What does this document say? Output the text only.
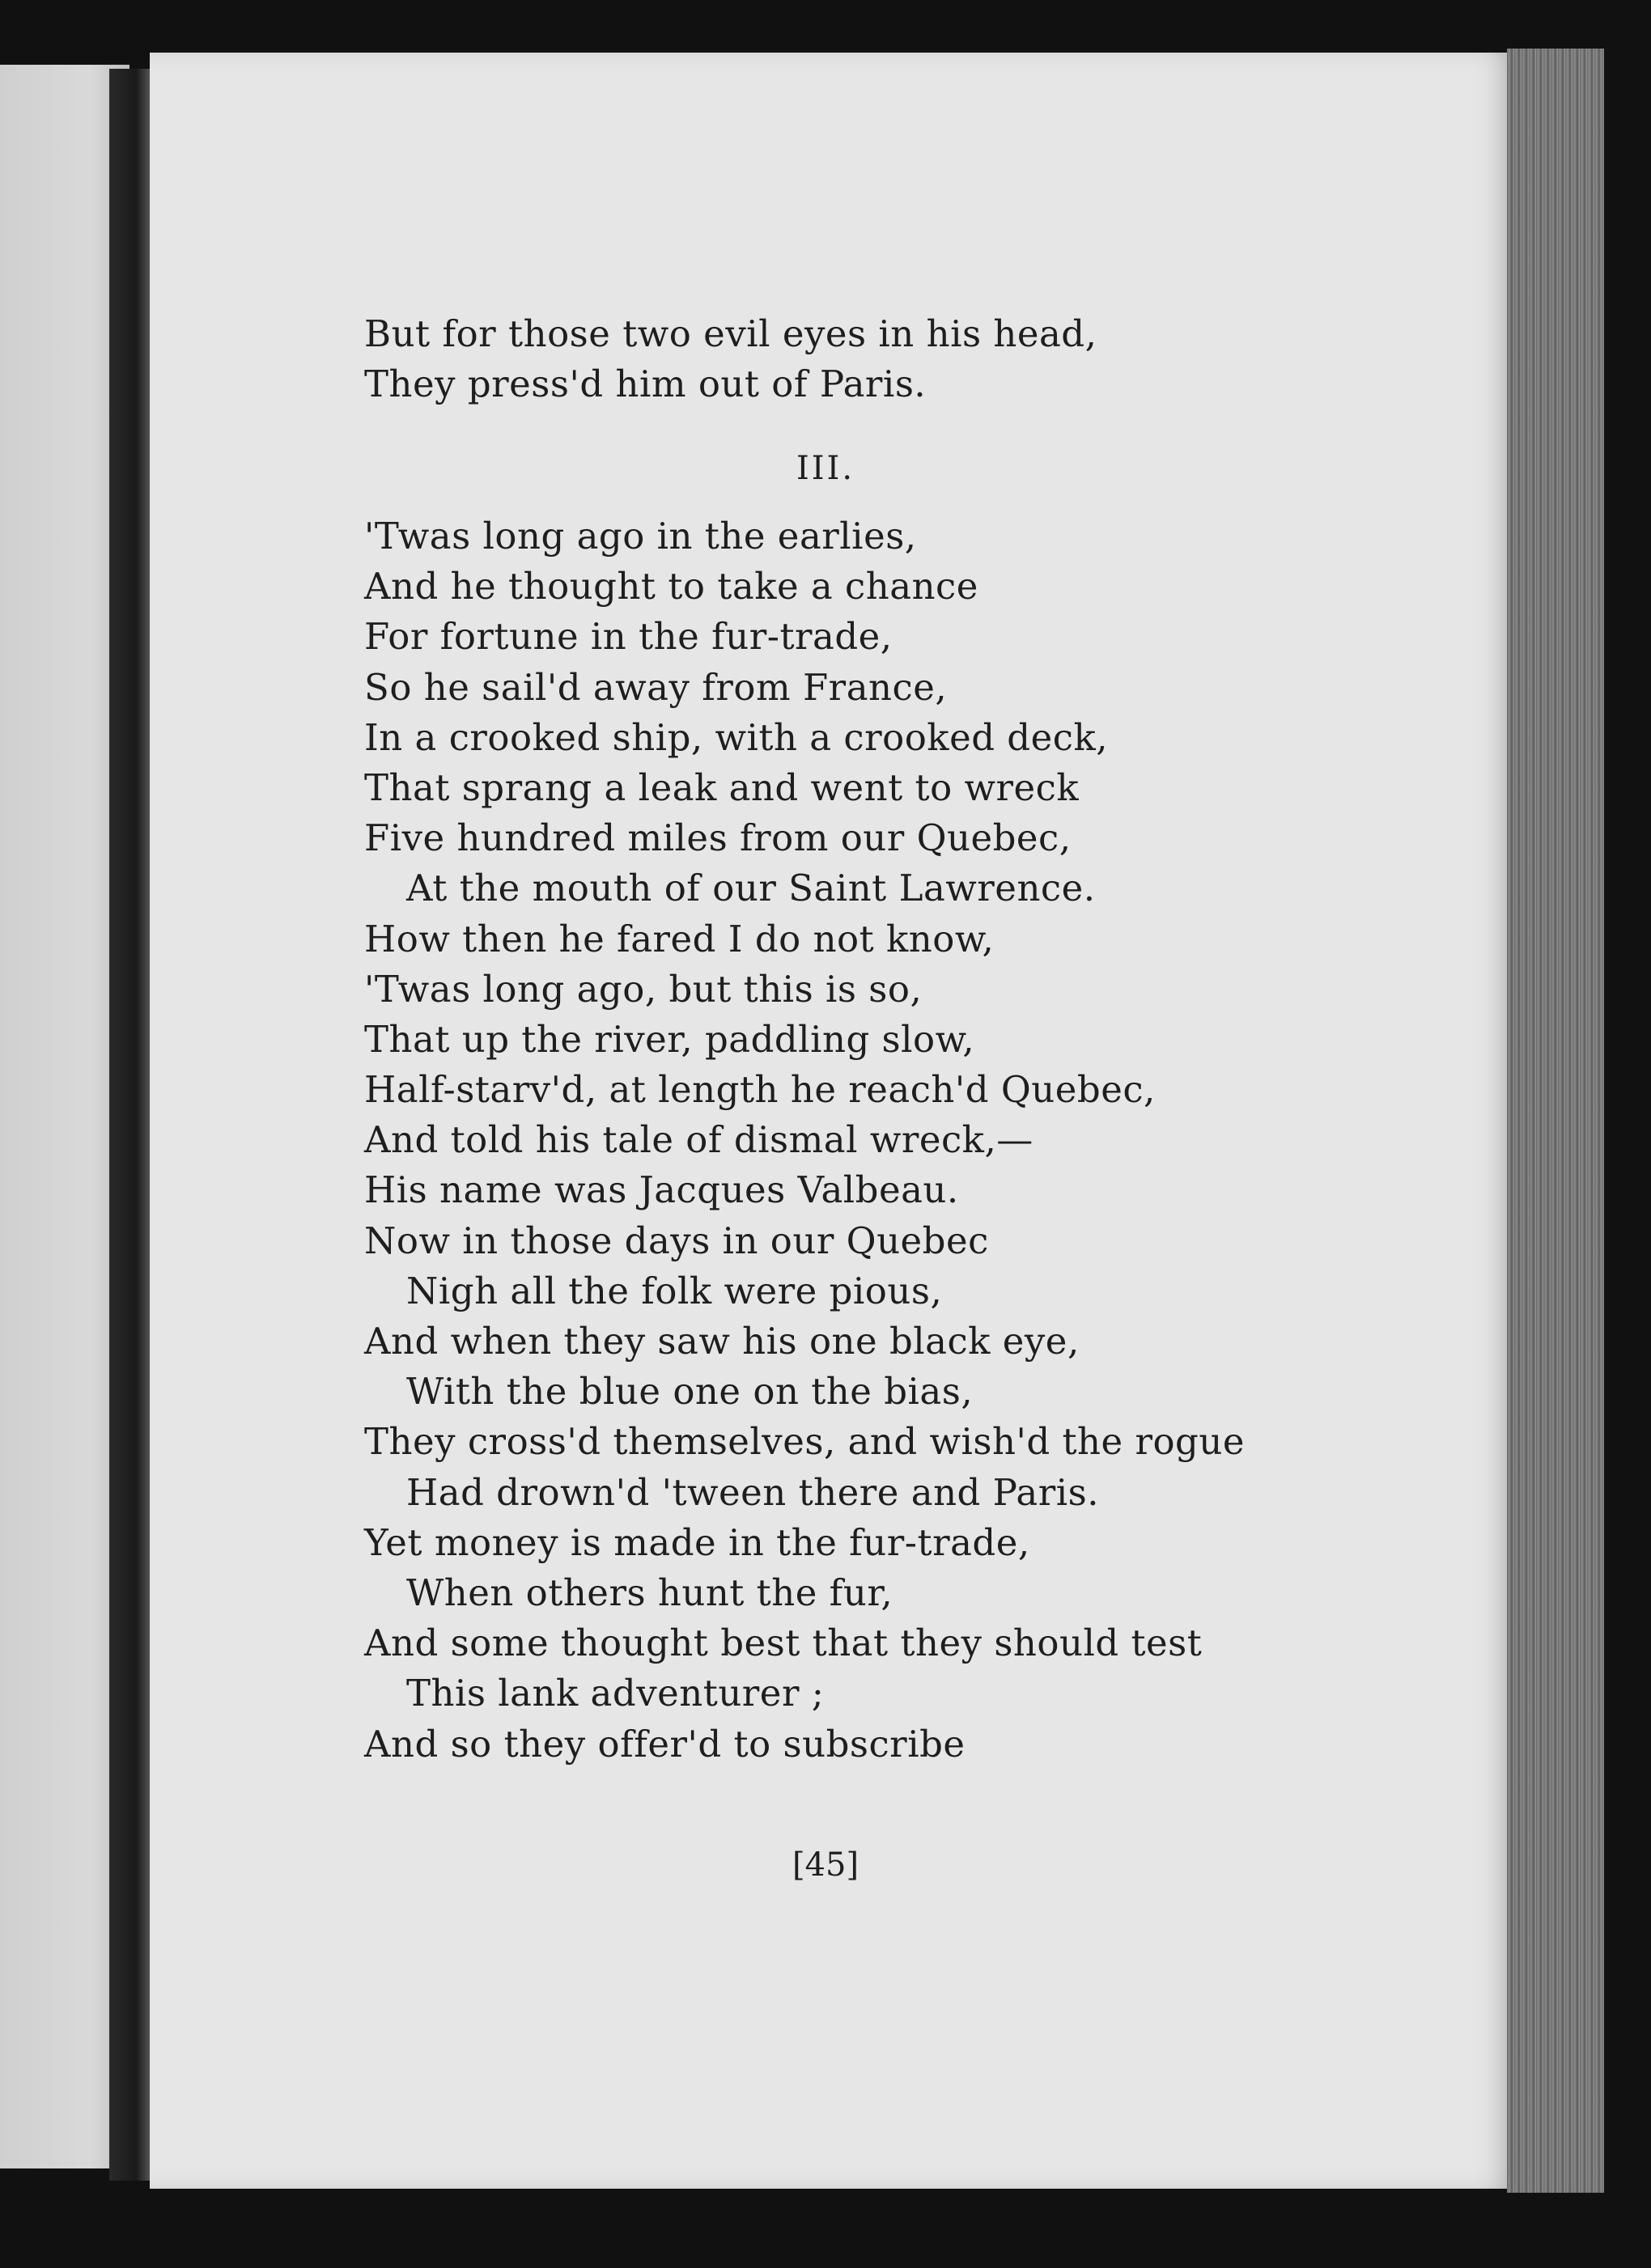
But for those two evil eyes in his head,
They press'd him out of Paris.
III.
'Twas long ago in the earlies,
And he thought to take a chance
For fortune in the fur-trade,
So he sail'd away from France,
In a crooked ship, with a crooked deck,
That sprang a leak and went to wreck
Five hundred miles from our Quebec,
At the mouth of our Saint Lawrence.
How then he fared I do not know,
'Twas long ago, but this is so,
That up the river, paddling slow,
Half-starv'd, at length he reach'd Quebec,
And told his tale of dismal wreck,—
His name was Jacques Valbeau.
Now in those days in our Quebec
Nigh all the folk were pious,
And when they saw his one black eye,
With the blue one on the bias,
They cross'd themselves, and wish'd the rogue
Had drown'd 'tween there and Paris.
Yet money is made in the fur-trade,
When others hunt the fur,
And some thought best that they should test
This lank adventurer ;
And so they offer'd to subscribe
[45]
